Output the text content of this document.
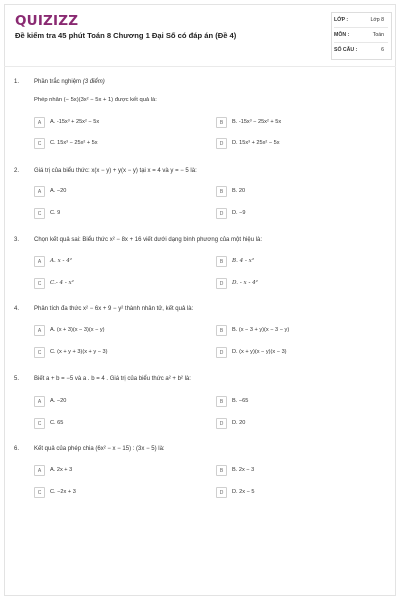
QUIZIZZ
Đề kiểm tra 45 phút Toán 8 Chương 1 Đại Số có đáp án (Đề 4)
LỚP :	Lớp 8
MÔN :	Toán
SỐ CÂU :	6
1. Phần trắc nghiệm (3 điểm)
Phép nhân (− 5x)(3x² − 5x + 1) được kết quả là:
A	A. -15x³ + 25x² − 5x	B	B. -15x³ − 25x² + 5x
C	C. 15x³ − 25x² + 5x	D	D. 15x³ + 25x² − 5x
2. Giá trị của biểu thức: x(x − y) + y(x − y) tại x = 4 và y = − 5 là:
A	A. −20	B	B. 20
C	C. 9	D	D. −9
3. Chọn kết quả sai: Biểu thức x² − 8x + 16 viết dưới dạng bình phương của một hiệu là:
A	A. x - 4²	B	B. 4 - x²
C	C.- 4 - x²	D	D. - x - 4²
4. Phân tích đa thức x² − 6x + 9 − y² thành nhân tử, kết quả là:
A	A. (x + 3)(x − 3)(x − y)	B	B. (x − 3 + y)(x − 3 − y)
C	C. (x + y + 3)(x + y − 3)	D	D. (x + y)(x − y)(x − 3)
5. Biết a + b = −5 và a . b = 4 . Giá trị của biểu thức a² + b² là:
A	A. −20	B	B. −65
C	C. 65	D	D. 20
6. Kết quả của phép chia (6x² − x − 15) : (3x − 5) là:
A	A. 2x + 3	B	B. 2x − 3
C	C. −2x + 3	D	D. 2x − 5
